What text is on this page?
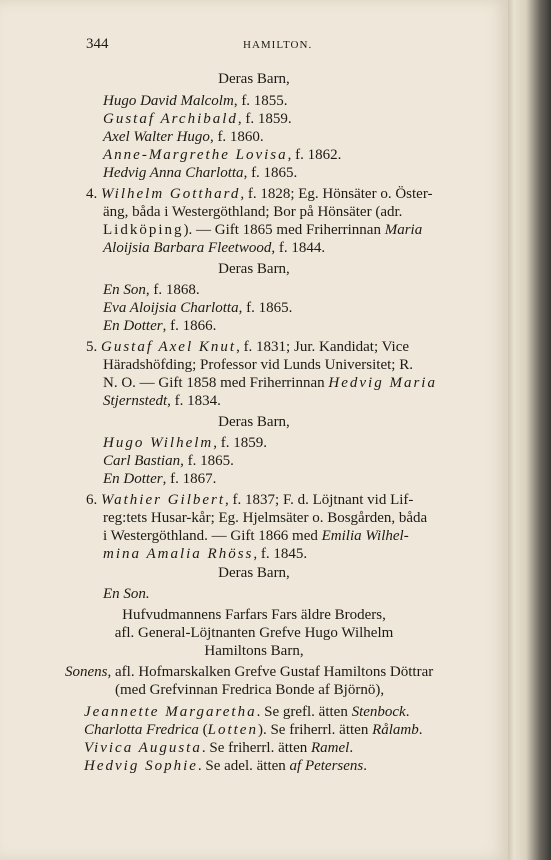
344	HAMILTON.
Deras Barn,
Hugo David Malcolm, f. 1855.
Gustaf Archibald, f. 1859.
Axel Walter Hugo, f. 1860.
Anne-Margrethe Lovisa, f. 1862.
Hedvig Anna Charlotta, f. 1865.
4. Wilhelm Gotthard, f. 1828; Eg. Hönsäter o. Öster-
äng, båda i Westergöthland; Bor på Hönsäter (adr.
Lidköping). — Gift 1865 med Friherrinnan Maria
Aloijsia Barbara Fleetwood, f. 1844.
Deras Barn,
En Son, f. 1868.
Eva Aloijsia Charlotta, f. 1865.
En Dotter, f. 1866.
5. Gustaf Axel Knut, f. 1831; Jur. Kandidat; Vice
Häradshöfding; Professor vid Lunds Universitet; R.
N. O. — Gift 1858 med Friherrinnan Hedvig Maria
Stjernstedt, f. 1834.
Deras Barn,
Hugo Wilhelm, f. 1859.
Carl Bastian, f. 1865.
En Dotter, f. 1867.
6. Wathier Gilbert, f. 1837; F. d. Löjtnant vid Lif-
reg:tets Husar-kår; Eg. Hjelmsäter o. Bosgården, båda
i Westergöthland. — Gift 1866 med Emilia Wilhel-
mina Amalia Rhöss, f. 1845.
Deras Barn,
En Son.
Hufvudmannens Farfars Fars äldre Broders,
afl. General-Löjtnanten Grefve Hugo Wilhelm
Hamiltons Barn,
Sonens, afl. Hofmarskalken Grefve Gustaf Hamiltons Döttrar
(med Grefvinnan Fredrica Bonde af Björnö),
Jeannette Margaretha. Se grefl. ätten Stenbock.
Charlotta Fredrica (Lotten). Se friherrl. ätten Rålamb.
Vivica Augusta. Se friherrl. ätten Ramel.
Hedvig Sophie. Se adel. ätten af Petersens.
